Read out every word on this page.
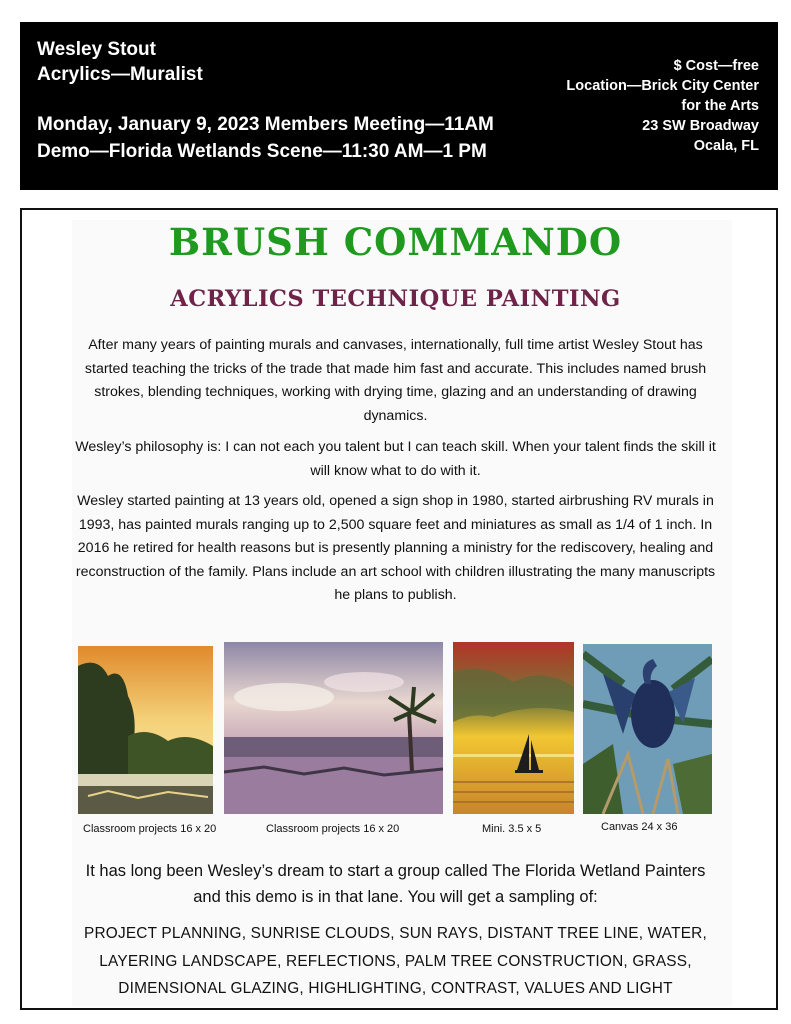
Wesley Stout
Acrylics—Muralist
Monday, January 9, 2023 Members Meeting—11AM
Demo—Florida Wetlands Scene—11:30 AM—1 PM
$ Cost—free
Location—Brick City Center
for the Arts
23 SW Broadway
Ocala, FL
BRUSH COMMANDO
ACRYLICS TECHNIQUE PAINTING
After many years of painting murals and canvases, internationally, full time artist Wesley Stout has started teaching the tricks of the trade that made him fast and accurate. This includes named brush strokes, blending techniques, working with drying time, glazing and an understanding of drawing dynamics.
Wesley’s philosophy is: I can not each you talent but I can teach skill. When your talent finds the skill it will know what to do with it.
Wesley started painting at 13 years old, opened a sign shop in 1980, started airbrushing RV murals in 1993, has painted murals ranging up to 2,500 square feet and miniatures as small as 1/4 of 1 inch. In 2016 he retired for health reasons but is presently planning a ministry for the rediscovery, healing and reconstruction of the family. Plans include an art school with children illustrating the many manuscripts he plans to publish.
Classroom projects 16 x 20	Classroom projects 16 x 20	Mini. 3.5 x 5	Canvas 24 x 36
It has long been Wesley’s dream to start a group called The Florida Wetland Painters and this demo is in that lane. You will get a sampling of:
PROJECT PLANNING, SUNRISE CLOUDS, SUN RAYS, DISTANT TREE LINE, WATER, LAYERING LANDSCAPE, REFLECTIONS, PALM TREE CONSTRUCTION, GRASS, DIMENSIONAL GLAZING, HIGHLIGHTING, CONTRAST, VALUES AND LIGHT
